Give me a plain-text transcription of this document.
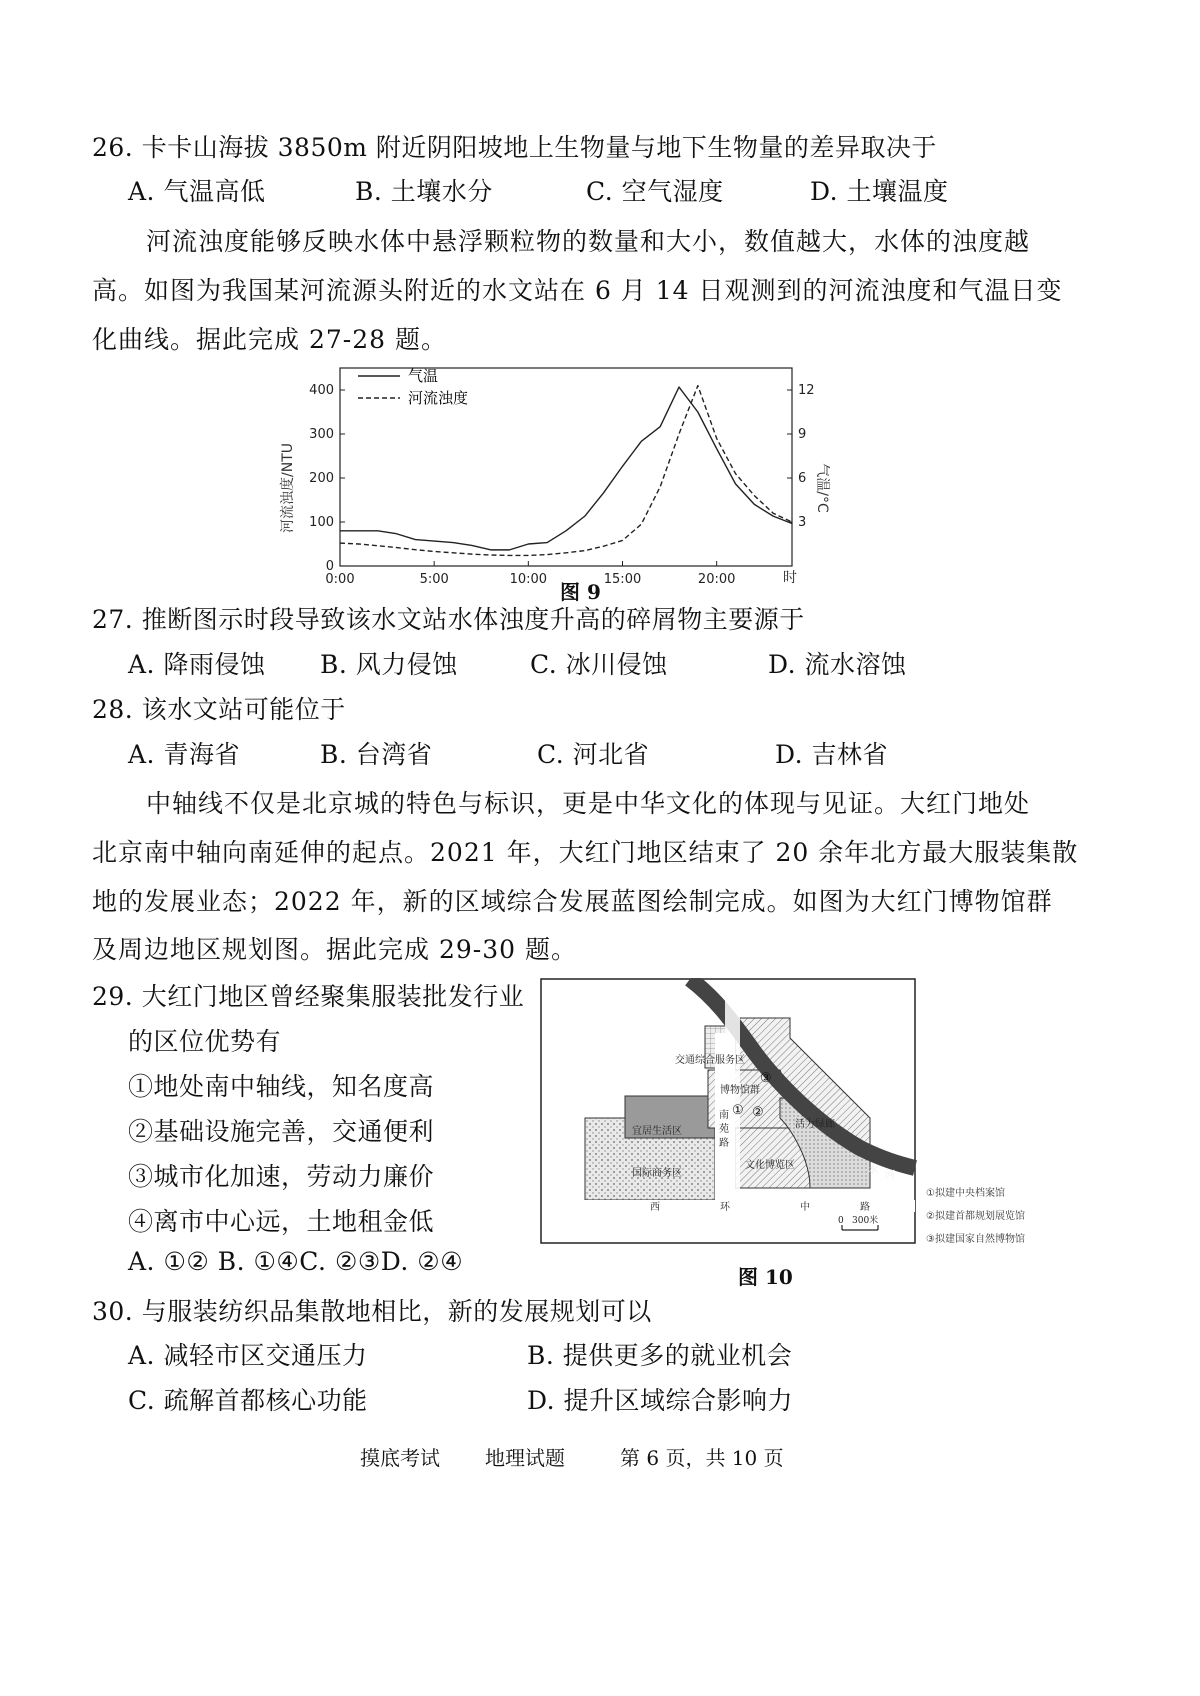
26. 卡卡山海拔 3850m 附近阴阳坡地上生物量与地下生物量的差异取决于
A. 气温高低	B. 土壤水分	C. 空气湿度	D. 土壤温度
河流浊度能够反映水体中悬浮颗粒物的数量和大小，数值越大，水体的浊度越
高。如图为我国某河流源头附近的水文站在 6 月 14 日观测到的河流浊度和气温日变
化曲线。据此完成 27-28 题。
气温
河流浊度
河流浊度/NTU	气温/°C
时
0
100
200
300
400
3
6
9
12
0:00	5:00	10:00	15:00	20:00
图 9
27. 推断图示时段导致该水文站水体浊度升高的碎屑物主要源于
A. 降雨侵蚀 B. 风力侵蚀	C. 冰川侵蚀	D. 流水溶蚀
28. 该水文站可能位于
A. 青海省	B. 台湾省	C. 河北省	D. 吉林省
中轴线不仅是北京城的特色与标识，更是中华文化的体现与见证。大红门地处
北京南中轴向南延伸的起点。2021 年，大红门地区结束了 20 余年北方最大服装集散
地的发展业态；2022 年，新的区域综合发展蓝图绘制完成。如图为大红门博物馆群
及周边地区规划图。据此完成 29-30 题。
29. 大红门地区曾经聚集服装批发行业
的区位优势有
①地处南中轴线，知名度高
②基础设施完善，交通便利
③城市化加速，劳动力廉价
④离市中心远，土地租金低
A. ①② B. ①④C. ②③D. ②④
交通综合服务区
博物馆群
宜居生活区
国际商务区
文化博览区
活力绿廊
南
苑
路
西	环	中	路
水 河
③
① ②
0 300米
①拟建中央档案馆
②拟建首都规划展览馆
③拟建国家自然博物馆
图 10
30. 与服装纺织品集散地相比，新的发展规划可以
A. 减轻市区交通压力	B. 提供更多的就业机会
C. 疏解首都核心功能	D. 提升区域综合影响力
摸底考试 地理试题	第 6 页，共 10 页
